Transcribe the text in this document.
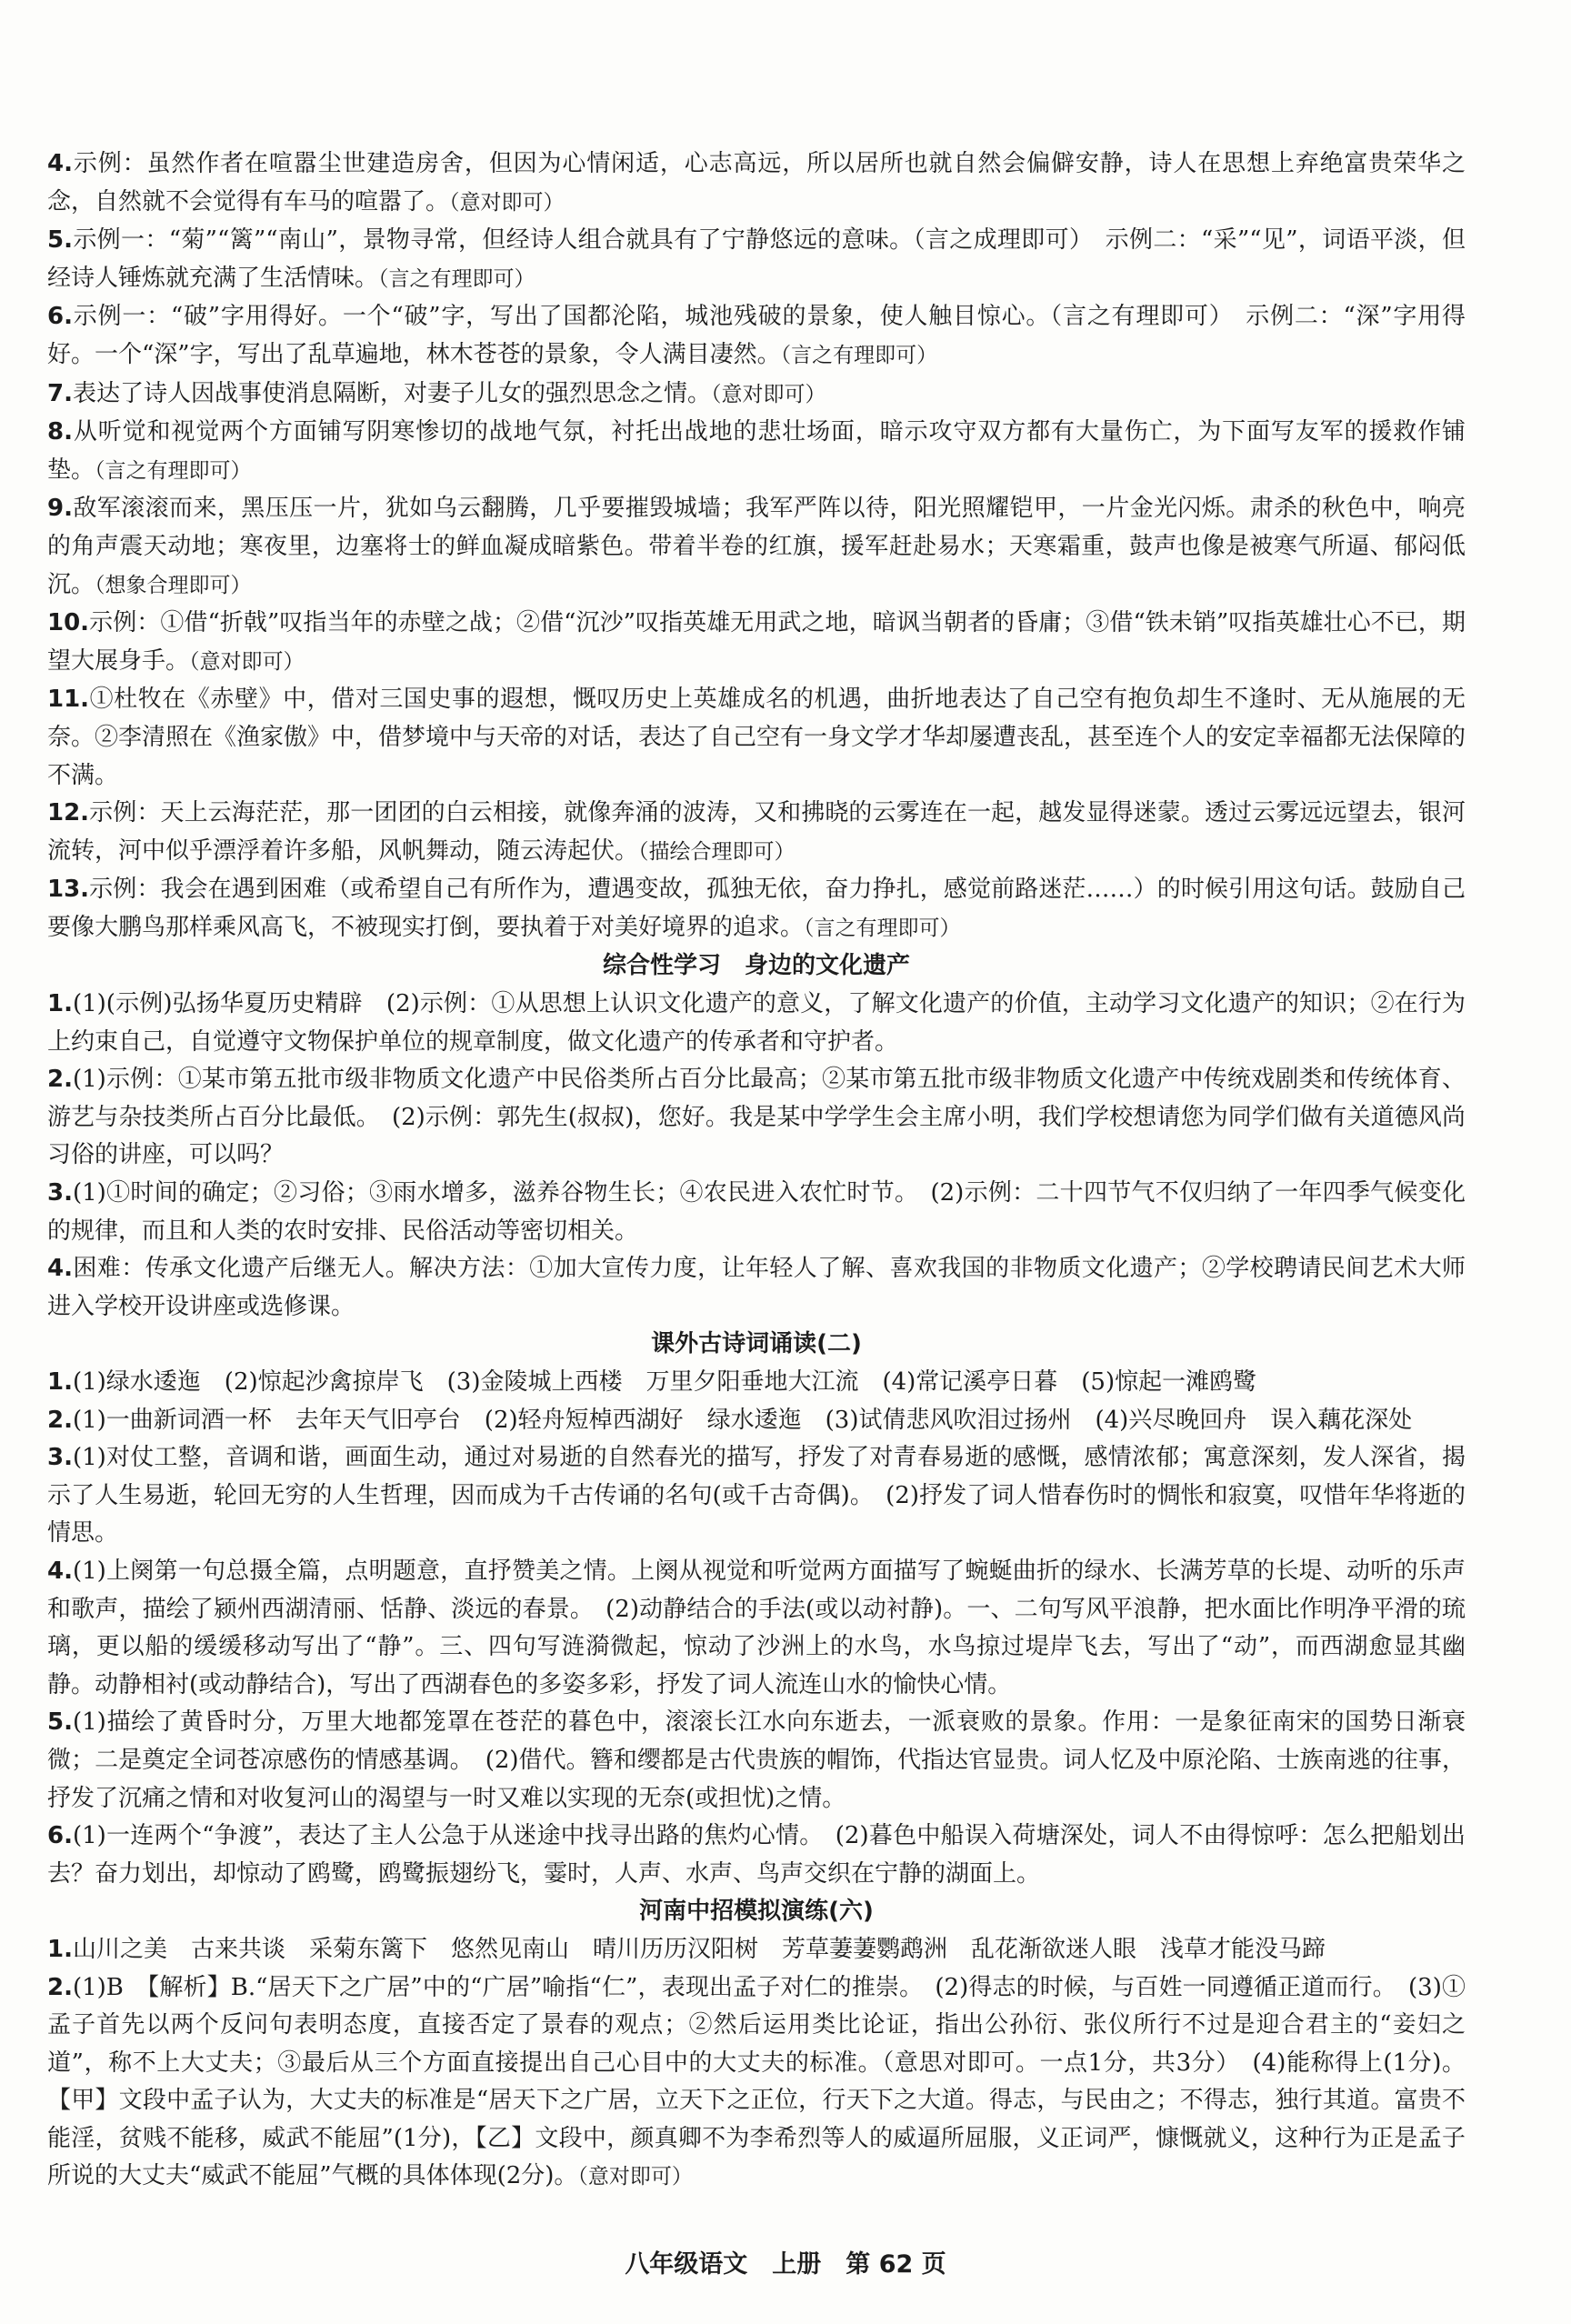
4.示例：虽然作者在喧嚣尘世建造房舍，但因为心情闲适，心志高远，所以居所也就自然会偏僻安静，诗人在思想上弃绝富贵荣华之念，自然就不会觉得有车马的喧嚣了。（意对即可）
5.示例一：“菊”“篱”“南山”，景物寻常，但经诗人组合就具有了宁静悠远的意味。（言之成理即可）　示例二：“采”“见”，词语平淡，但经诗人锤炼就充满了生活情味。（言之有理即可）
6.示例一：“破”字用得好。一个“破”字，写出了国都沦陷，城池残破的景象，使人触目惊心。（言之有理即可）　示例二：“深”字用得好。一个“深”字，写出了乱草遍地，林木苍苍的景象，令人满目凄然。（言之有理即可）
7.表达了诗人因战事使消息隔断，对妻子儿女的强烈思念之情。（意对即可）
8.从听觉和视觉两个方面铺写阴寒惨切的战地气氛，衬托出战地的悲壮场面，暗示攻守双方都有大量伤亡，为下面写友军的援救作铺垫。（言之有理即可）
9.敌军滚滚而来，黑压压一片，犹如乌云翻腾，几乎要摧毁城墙；我军严阵以待，阳光照耀铠甲，一片金光闪烁。肃杀的秋色中，响亮的角声震天动地；寒夜里，边塞将士的鲜血凝成暗紫色。带着半卷的红旗，援军赶赴易水；天寒霜重，鼓声也像是被寒气所逼、郁闷低沉。（想象合理即可）
10.示例：①借“折戟”叹指当年的赤壁之战；②借“沉沙”叹指英雄无用武之地，暗讽当朝者的昏庸；③借“铁未销”叹指英雄壮心不已，期望大展身手。（意对即可）
11.①杜牧在《赤壁》中，借对三国史事的遐想，慨叹历史上英雄成名的机遇，曲折地表达了自己空有抱负却生不逢时、无从施展的无奈。②李清照在《渔家傲》中，借梦境中与天帝的对话，表达了自己空有一身文学才华却屡遭丧乱，甚至连个人的安定幸福都无法保障的不满。
12.示例：天上云海茫茫，那一团团的白云相接，就像奔涌的波涛，又和拂晓的云雾连在一起，越发显得迷蒙。透过云雾远远望去，银河流转，河中似乎漂浮着许多船，风帆舞动，随云涛起伏。（描绘合理即可）
13.示例：我会在遇到困难（或希望自己有所作为，遭遇变故，孤独无依，奋力挣扎，感觉前路迷茫……）的时候引用这句话。鼓励自己要像大鹏鸟那样乘风高飞，不被现实打倒，要执着于对美好境界的追求。（言之有理即可）
综合性学习　身边的文化遗产
1.(1)(示例)弘扬华夏历史精辟　(2)示例：①从思想上认识文化遗产的意义，了解文化遗产的价值，主动学习文化遗产的知识；②在行为上约束自己，自觉遵守文物保护单位的规章制度，做文化遗产的传承者和守护者。
2.(1)示例：①某市第五批市级非物质文化遗产中民俗类所占百分比最高；②某市第五批市级非物质文化遗产中传统戏剧类和传统体育、游艺与杂技类所占百分比最低。　(2)示例：郭先生(叔叔)，您好。我是某中学学生会主席小明，我们学校想请您为同学们做有关道德风尚习俗的讲座，可以吗？
3.(1)①时间的确定；②习俗；③雨水增多，滋养谷物生长；④农民进入农忙时节。　(2)示例：二十四节气不仅归纳了一年四季气候变化的规律，而且和人类的农时安排、民俗活动等密切相关。
4.困难：传承文化遗产后继无人。解决方法：①加大宣传力度，让年轻人了解、喜欢我国的非物质文化遗产；②学校聘请民间艺术大师进入学校开设讲座或选修课。
课外古诗词诵读(二)
1.(1)绿水逶迤　(2)惊起沙禽掠岸飞　(3)金陵城上西楼　万里夕阳垂地大江流　(4)常记溪亭日暮　(5)惊起一滩鸥鹭
2.(1)一曲新词酒一杯　去年天气旧亭台　(2)轻舟短棹西湖好　绿水逶迤　(3)试倩悲风吹泪过扬州　(4)兴尽晚回舟　误入藕花深处
3.(1)对仗工整，音调和谐，画面生动，通过对易逝的自然春光的描写，抒发了对青春易逝的感慨，感情浓郁；寓意深刻，发人深省，揭示了人生易逝，轮回无穷的人生哲理，因而成为千古传诵的名句(或千古奇偶)。　(2)抒发了词人惜春伤时的惆怅和寂寞，叹惜年华将逝的情思。
4.(1)上阕第一句总摄全篇，点明题意，直抒赞美之情。上阕从视觉和听觉两方面描写了蜿蜒曲折的绿水、长满芳草的长堤、动听的乐声和歌声，描绘了颍州西湖清丽、恬静、淡远的春景。　(2)动静结合的手法(或以动衬静)。一、二句写风平浪静，把水面比作明净平滑的琉璃，更以船的缓缓移动写出了“静”。三、四句写涟漪微起，惊动了沙洲上的水鸟，水鸟掠过堤岸飞去，写出了“动”，而西湖愈显其幽静。动静相衬(或动静结合)，写出了西湖春色的多姿多彩，抒发了词人流连山水的愉快心情。
5.(1)描绘了黄昏时分，万里大地都笼罩在苍茫的暮色中，滚滚长江水向东逝去，一派衰败的景象。作用：一是象征南宋的国势日渐衰微；二是奠定全词苍凉感伤的情感基调。　(2)借代。簪和缨都是古代贵族的帽饰，代指达官显贵。词人忆及中原沦陷、士族南逃的往事，抒发了沉痛之情和对收复河山的渴望与一时又难以实现的无奈(或担忧)之情。
6.(1)一连两个“争渡”，表达了主人公急于从迷途中找寻出路的焦灼心情。　(2)暮色中船误入荷塘深处，词人不由得惊呼：怎么把船划出去？奋力划出，却惊动了鸥鹭，鸥鹭振翅纷飞，霎时，人声、水声、鸟声交织在宁静的湖面上。
河南中招模拟演练(六)
1.山川之美　古来共谈　采菊东篱下　悠然见南山　晴川历历汉阳树　芳草萋萋鹦鹉洲　乱花渐欲迷人眼　浅草才能没马蹄
2.(1)B　【解析】B.“居天下之广居”中的“广居”喻指“仁”，表现出孟子对仁的推崇。　(2)得志的时候，与百姓一同遵循正道而行。　(3)①孟子首先以两个反问句表明态度，直接否定了景春的观点；②然后运用类比论证，指出公孙衍、张仪所行不过是迎合君主的“妾妇之道”，称不上大丈夫；③最后从三个方面直接提出自己心目中的大丈夫的标准。（意思对即可。一点1分，共3分）　(4)能称得上(1分)。【甲】文段中孟子认为，大丈夫的标准是“居天下之广居，立天下之正位，行天下之大道。得志，与民由之；不得志，独行其道。富贵不能淫，贫贱不能移，威武不能屈”(1分)，【乙】文段中，颜真卿不为李希烈等人的威逼所屈服，义正词严，慷慨就义，这种行为正是孟子所说的大丈夫“威武不能屈”气概的具体体现(2分)。（意对即可）
八年级语文　上册　第 62 页
